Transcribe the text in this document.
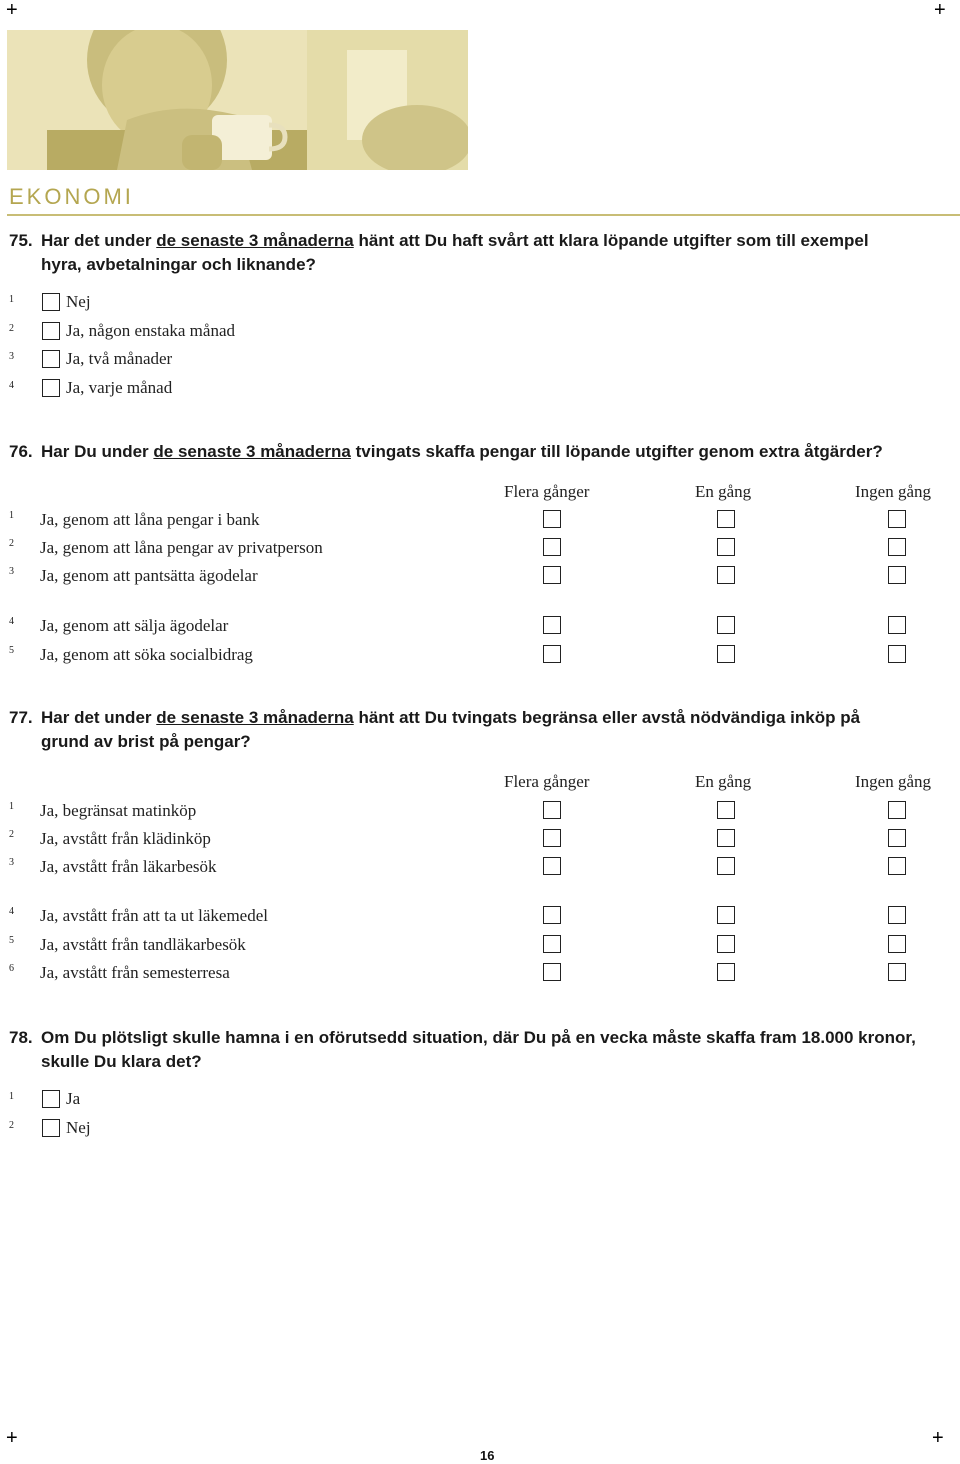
+	+
+	+
EKONOMI
75. Har det under de senaste 3 månaderna hänt att Du haft svårt att klara löpande utgifter som till exempel
hyra, avbetalningar och liknande?
1	Nej
2	Ja, någon enstaka månad
3	Ja, två månader
4	Ja, varje månad
76. Har Du under de senaste 3 månaderna tvingats skaffa pengar till löpande utgifter genom extra åtgärder?
Flera gånger	En gång	Ingen gång
1 Ja, genom att låna pengar i bank
2 Ja, genom att låna pengar av privatperson
3 Ja, genom att pantsätta ägodelar
4 Ja, genom att sälja ägodelar
5 Ja, genom att söka socialbidrag
77. Har det under de senaste 3 månaderna hänt att Du tvingats begränsa eller avstå nödvändiga inköp på
grund av brist på pengar?
Flera gånger	En gång	Ingen gång
1 Ja, begränsat matinköp
2 Ja, avstått från klädinköp
3 Ja, avstått från läkarbesök
4 Ja, avstått från att ta ut läkemedel
5 Ja, avstått från tandläkarbesök
6 Ja, avstått från semesterresa
78. Om Du plötsligt skulle hamna i en oförutsedd situation, där Du på en vecka måste skaffa fram 18.000 kronor,
skulle Du klara det?
1	Ja
2	Nej
16
